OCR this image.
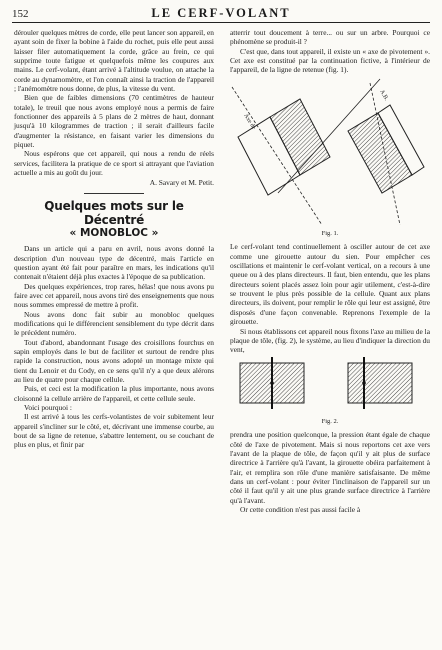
152	LE CERF-VOLANT

dérouler quelques mètres de corde, elle peut lancer son appareil, en ayant soin de fixer la bobine à l'aide du rochet, puis elle peut aussi laisser filer automatiquement la corde, grâce au frein, ce qui supprime toute fatigue et quelquefois même les coupures aux mains. Le cerf-volant, étant arrivé à l'altitude voulue, on attache la corde au dynamomètre, et l'on connaît ainsi la traction de l'appareil ; l'anémomètre nous donne, de plus, la vitesse du vent.

Bien que de faibles dimensions (70 centimètres de hauteur totale), le treuil que nous avons employé nous a permis de faire fonctionner des appareils à 5 plans de 2 mètres de haut, donnant jusqu'à 10 kilogrammes de traction ; il serait d'ailleurs facile d'augmenter la résistance, en faisant varier les dimensions du piquet.

Nous espérons que cet appareil, qui nous a rendu de réels services, facilitera la pratique de ce sport si attrayant que l'aviation actuelle a mis au goût du jour.

A. Savary et M. Petit.

Quelques mots sur le Décentré
« MONOBLOC »

Dans un article qui a paru en avril, nous avons donné la description d'un nouveau type de décentré, mais l'article en question ayant été fait pour paraître en mars, les indications qu'il contenait n'étaient déjà plus exactes à l'époque de sa publication.

Des quelques expériences, trop rares, hélas! que nous avons pu faire avec cet appareil, nous avons tiré des enseignements que nous nous sommes empressé de mettre à profit.

Nous avons donc fait subir au monobloc quelques modifications qui le différencient sensiblement du type décrit dans le précédent numéro.

Tout d'abord, abandonnant l'usage des croisillons fourchus en sapin employés dans le but de faciliter et surtout de rendre plus rapide la construction, nous avons adopté un montage mixte qui tient du Lenoir et du Cody, en ce sens qu'il n'y a que deux alérons au lieu de quatre pour chaque cellule.

Puis, et ceci est la modification la plus importante, nous avons cloisonné la cellule arrière de l'appareil, et cette cellule seule.

Voici pourquoi :

Il est arrivé à tous les cerfs-volantistes de voir subitement leur appareil s'incliner sur le côté, et, décrivant une immense courbe, au bout de sa ligne de retenue, s'abattre lentement, ou se couchant de plus en plus, et finir par

atterrir tout doucement à terre... ou sur un arbre. Pourquoi ce phénomène se produit-il ?

C'est que, dans tout appareil, il existe un « axe de pivotement ». Cet axe est constitué par la continuation fictive, à l'intérieur de l'appareil, de la ligne de retenue (fig. 1).

Axe de
A.B.
Fig. 1.

Le cerf-volant tend continuellement à osciller autour de cet axe comme une girouette autour du sien. Pour empêcher ces oscillations et maintenir le cerf-volant vertical, on a recours à une queue ou à des plans directeurs. Il faut, bien entendu, que les plans directeurs soient placés assez loin pour agir utilement, c'est-à-dire se trouvent le plus près possible de la cellule. Quant aux plans directeurs, ils doivent, pour remplir le rôle qui leur est assigné, être disposés d'une façon convenable. Reprenons l'exemple de la girouette.

Si nous établissons cet appareil nous fixons l'axe au milieu de la plaque de tôle, (fig. 2), le système, au lieu d'indiquer la direction du vent,

Fig. 2.

prendra une position quelconque, la pression étant égale de chaque côté de l'axe de pivotement. Mais si nous reportons cet axe vers l'avant de la plaque de tôle, de façon qu'il y ait plus de surface directrice à l'arrière qu'à l'avant, la girouette obéira parfaitement à l'air, et remplira son rôle d'une manière satisfaisante. De même dans un cerf-volant : pour éviter l'inclinaison de l'appareil sur un côté il faut qu'il y ait une plus grande surface directrice à l'arrière qu'à l'avant.

Or cette condition n'est pas aussi facile à
